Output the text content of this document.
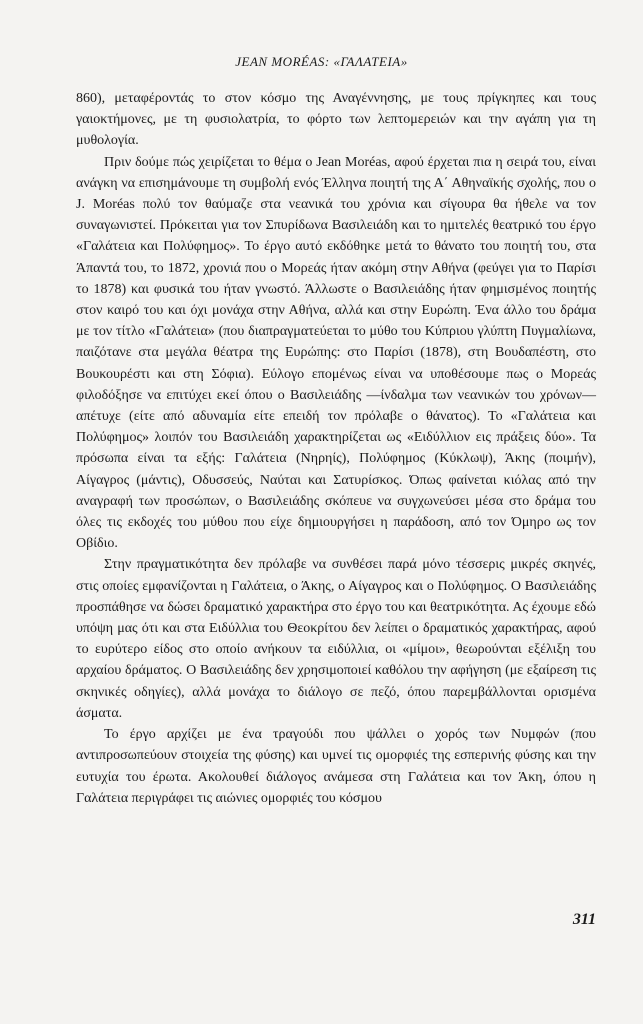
JEAN MORÉAS: «ΓΑΛΑΤΕΙΑ»

860), μεταφέροντάς το στον κόσμο της Αναγέννησης, με τους πρίγκηπες και τους γαιοκτήμονες, με τη φυσιολατρία, το φόρτο των λεπτομερειών και την αγάπη για τη μυθολογία.

Πριν δούμε πώς χειρίζεται το θέμα ο Jean Moréas, αφού έρχεται πια η σειρά του, είναι ανάγκη να επισημάνουμε τη συμβολή ενός Έλληνα ποιητή της Α΄ Αθηναϊκής σχολής, που ο J. Moréas πολύ τον θαύμαζε στα νεανικά του χρόνια και σίγουρα θα ήθελε να τον συναγωνιστεί. Πρόκειται για τον Σπυρίδωνα Βασιλειάδη και το ημιτελές θεατρικό του έργο «Γαλάτεια και Πολύφημος». Το έργο αυτό εκδόθηκε μετά το θάνατο του ποιητή του, στα Άπαντά του, το 1872, χρονιά που ο Μορεάς ήταν ακόμη στην Αθήνα (φεύγει για το Παρίσι το 1878) και φυσικά του ήταν γνωστό. Άλλωστε ο Βασιλειάδης ήταν φημισμένος ποιητής στον καιρό του και όχι μονάχα στην Αθήνα, αλλά και στην Ευρώπη. Ένα άλλο του δράμα με τον τίτλο «Γαλάτεια» (που διαπραγματεύεται το μύθο του Κύπριου γλύπτη Πυγμαλίωνα, παιζότανε στα μεγάλα θέατρα της Ευρώπης: στο Παρίσι (1878), στη Βουδαπέστη, στο Βουκουρέστι και στη Σόφια). Εύλογο επομένως είναι να υποθέσουμε πως ο Μορεάς φιλοδόξησε να επιτύχει εκεί όπου ο Βασιλειάδης —ίνδαλμα των νεανικών του χρόνων— απέτυχε (είτε από αδυναμία είτε επειδή τον πρόλαβε ο θάνατος). Το «Γαλάτεια και Πολύφημος» λοιπόν του Βασιλειάδη χαρακτηρίζεται ως «Ειδύλλιον εις πράξεις δύο». Τα πρόσωπα είναι τα εξής: Γαλάτεια (Νηρηίς), Πολύφημος (Κύκλωψ), Άκης (ποιμήν), Αίγαγρος (μάντις), Οδυσσεύς, Ναύται και Σατυρίσκος. Όπως φαίνεται κιόλας από την αναγραφή των προσώπων, ο Βασιλειάδης σκόπευε να συγχωνεύσει μέσα στο δράμα του όλες τις εκδοχές του μύθου που είχε δημιουργήσει η παράδοση, από τον Όμηρο ως τον Οβίδιο.

Στην πραγματικότητα δεν πρόλαβε να συνθέσει παρά μόνο τέσσερις μικρές σκηνές, στις οποίες εμφανίζονται η Γαλάτεια, ο Άκης, ο Αίγαγρος και ο Πολύφημος. Ο Βασιλειάδης προσπάθησε να δώσει δραματικό χαρακτήρα στο έργο του και θεατρικότητα. Ας έχουμε εδώ υπόψη μας ότι και στα Ειδύλλια του Θεοκρίτου δεν λείπει ο δραματικός χαρακτήρας, αφού το ευρύτερο είδος στο οποίο ανήκουν τα ειδύλλια, οι «μίμοι», θεωρούνται εξέλιξη του αρχαίου δράματος. Ο Βασιλειάδης δεν χρησιμοποιεί καθόλου την αφήγηση (με εξαίρεση τις σκηνικές οδηγίες), αλλά μονάχα το διάλογο σε πεζό, όπου παρεμβάλλονται ορισμένα άσματα.

Το έργο αρχίζει με ένα τραγούδι που ψάλλει ο χορός των Νυμφών (που αντιπροσωπεύουν στοιχεία της φύσης) και υμνεί τις ομορφιές της εσπερινής φύσης και την ευτυχία του έρωτα. Ακολουθεί διάλογος ανάμεσα στη Γαλάτεια και τον Άκη, όπου η Γαλάτεια περιγράφει τις αιώνιες ομορφιές του κόσμου

311
